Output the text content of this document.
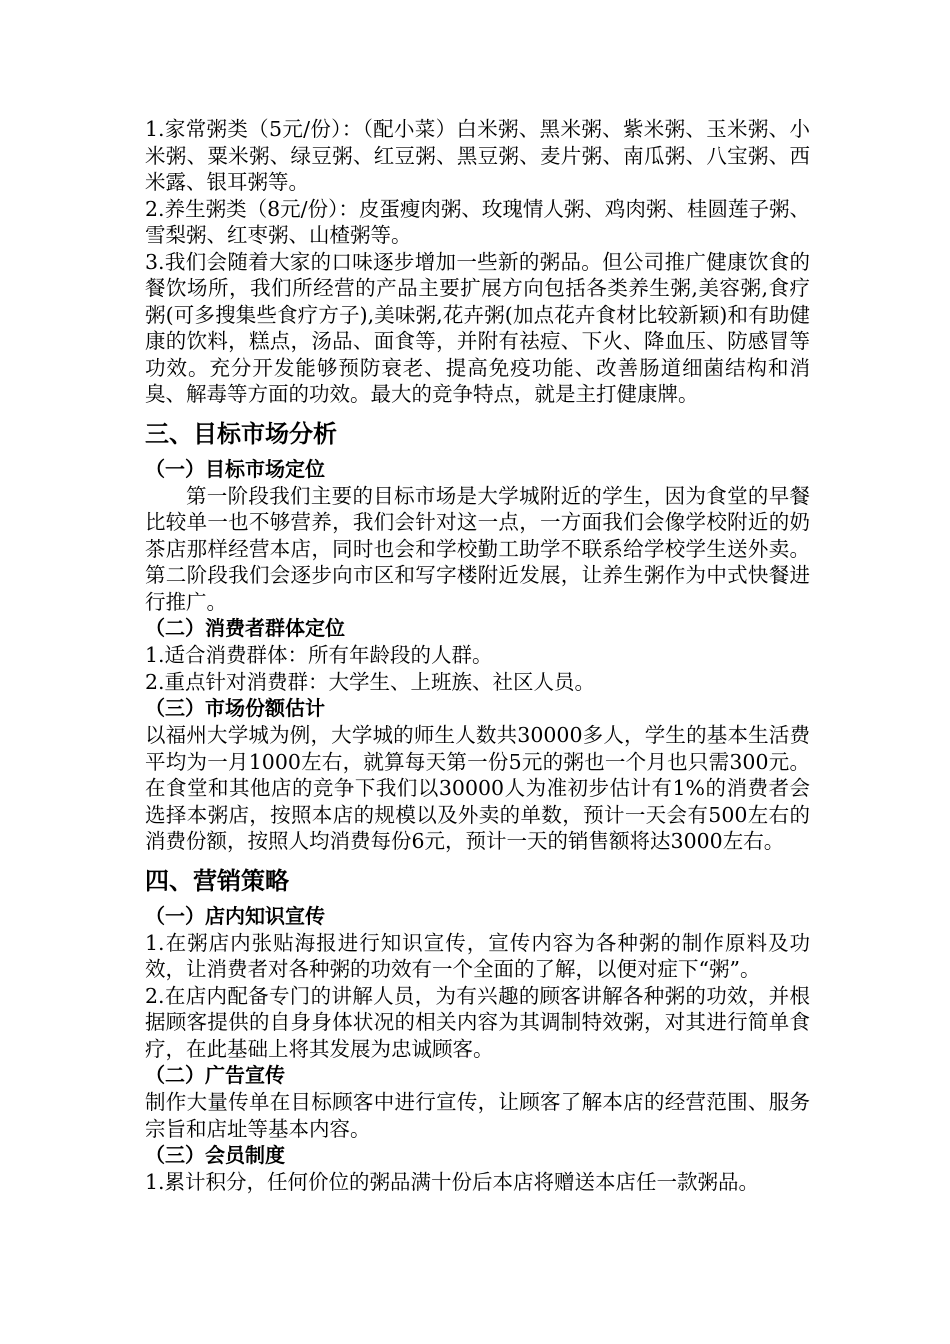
1.家常粥类（5元/份）：（配小菜）白米粥、黑米粥、紫米粥、玉米粥、小米粥、粟米粥、绿豆粥、红豆粥、黑豆粥、麦片粥、南瓜粥、八宝粥、西米露、银耳粥等。

2.养生粥类（8元/份）：皮蛋瘦肉粥、玫瑰情人粥、鸡肉粥、桂圆莲子粥、雪梨粥、红枣粥、山楂粥等。

3.我们会随着大家的口味逐步增加一些新的粥品。但公司推广健康饮食的餐饮场所，我们所经营的产品主要扩展方向包括各类养生粥,美容粥,食疗粥(可多搜集些食疗方子),美味粥,花卉粥(加点花卉食材比较新颖)和有助健康的饮料，糕点，汤品、面食等，并附有祛痘、下火、降血压、防感冒等功效。充分开发能够预防衰老、提高免疫功能、改善肠道细菌结构和消臭、解毒等方面的功效。最大的竞争特点，就是主打健康牌。

三、目标市场分析
（一）目标市场定位

第一阶段我们主要的目标市场是大学城附近的学生，因为食堂的早餐比较单一也不够营养，我们会针对这一点，一方面我们会像学校附近的奶茶店那样经营本店，同时也会和学校勤工助学不联系给学校学生送外卖。第二阶段我们会逐步向市区和写字楼附近发展，让养生粥作为中式快餐进行推广。

（二）消费者群体定位

1.适合消费群体：所有年龄段的人群。

2.重点针对消费群：大学生、上班族、社区人员。

（三）市场份额估计

以福州大学城为例，大学城的师生人数共30000多人，学生的基本生活费平均为一月1000左右，就算每天第一份5元的粥也一个月也只需300元。在食堂和其他店的竞争下我们以30000人为准初步估计有1%的消费者会选择本粥店，按照本店的规模以及外卖的单数，预计一天会有500左右的消费份额，按照人均消费每份6元，预计一天的销售额将达3000左右。

四、营销策略
（一）店内知识宣传

1.在粥店内张贴海报进行知识宣传，宣传内容为各种粥的制作原料及功效，让消费者对各种粥的功效有一个全面的了解，以便对症下“粥”。

2.在店内配备专门的讲解人员，为有兴趣的顾客讲解各种粥的功效，并根据顾客提供的自身身体状况的相关内容为其调制特效粥，对其进行简单食疗，在此基础上将其发展为忠诚顾客。

（二）广告宣传

制作大量传单在目标顾客中进行宣传，让顾客了解本店的经营范围、服务宗旨和店址等基本内容。

（三）会员制度

1.累计积分，任何价位的粥品满十份后本店将赠送本店任一款粥品。
